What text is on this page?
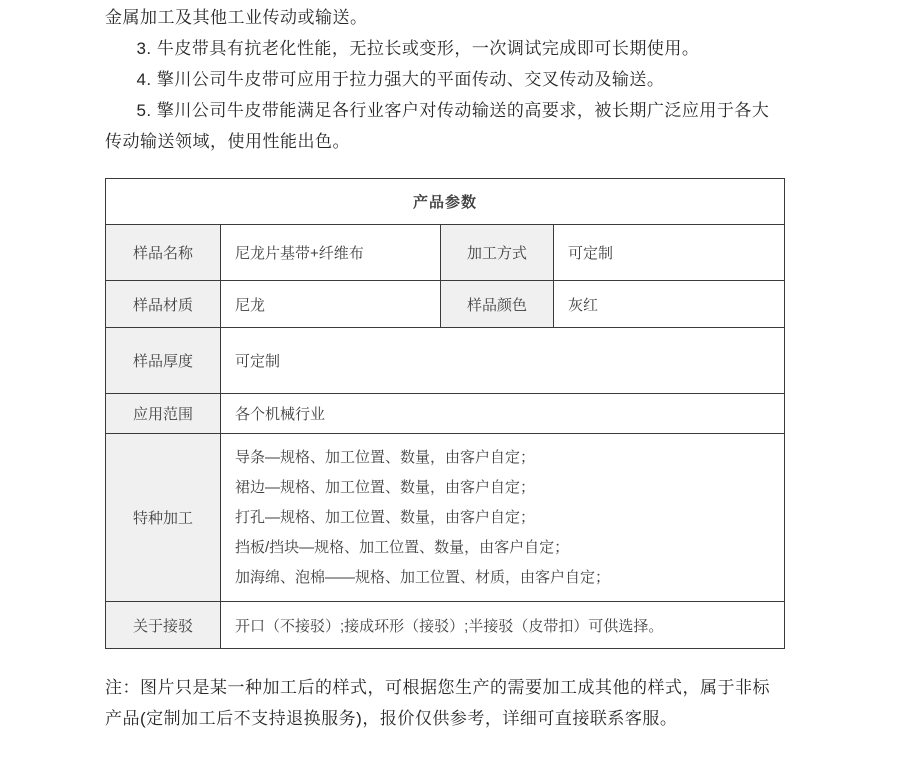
金属加工及其他工业传动或输送。

3. 牛皮带具有抗老化性能，无拉长或变形，一次调试完成即可长期使用。

4. 擎川公司牛皮带可应用于拉力强大的平面传动、交叉传动及输送。

5. 擎川公司牛皮带能满足各行业客户对传动输送的高要求，被长期广泛应用于各大传动输送领域，使用性能出色。

产品参数			
样品名称	尼龙片基带+纤维布	加工方式	可定制
样品材质	尼龙	样品颜色	灰红
样品厚度	可定制		
应用范围	各个机械行业		
特种加工	导条—规格、加工位置、数量，由客户自定；
裙边—规格、加工位置、数量，由客户自定；
打孔—规格、加工位置、数量，由客户自定；
挡板/挡块—规格、加工位置、数量，由客户自定；
加海绵、泡棉——规格、加工位置、材质，由客户自定；		

关于接驳	开口（不接驳）;接成环形（接驳）;半接驳（皮带扣）可供选择。		

注：图片只是某一种加工后的样式，可根据您生产的需要加工成其他的样式，属于非标产品(定制加工后不支持退换服务)，报价仅供参考，详细可直接联系客服。
